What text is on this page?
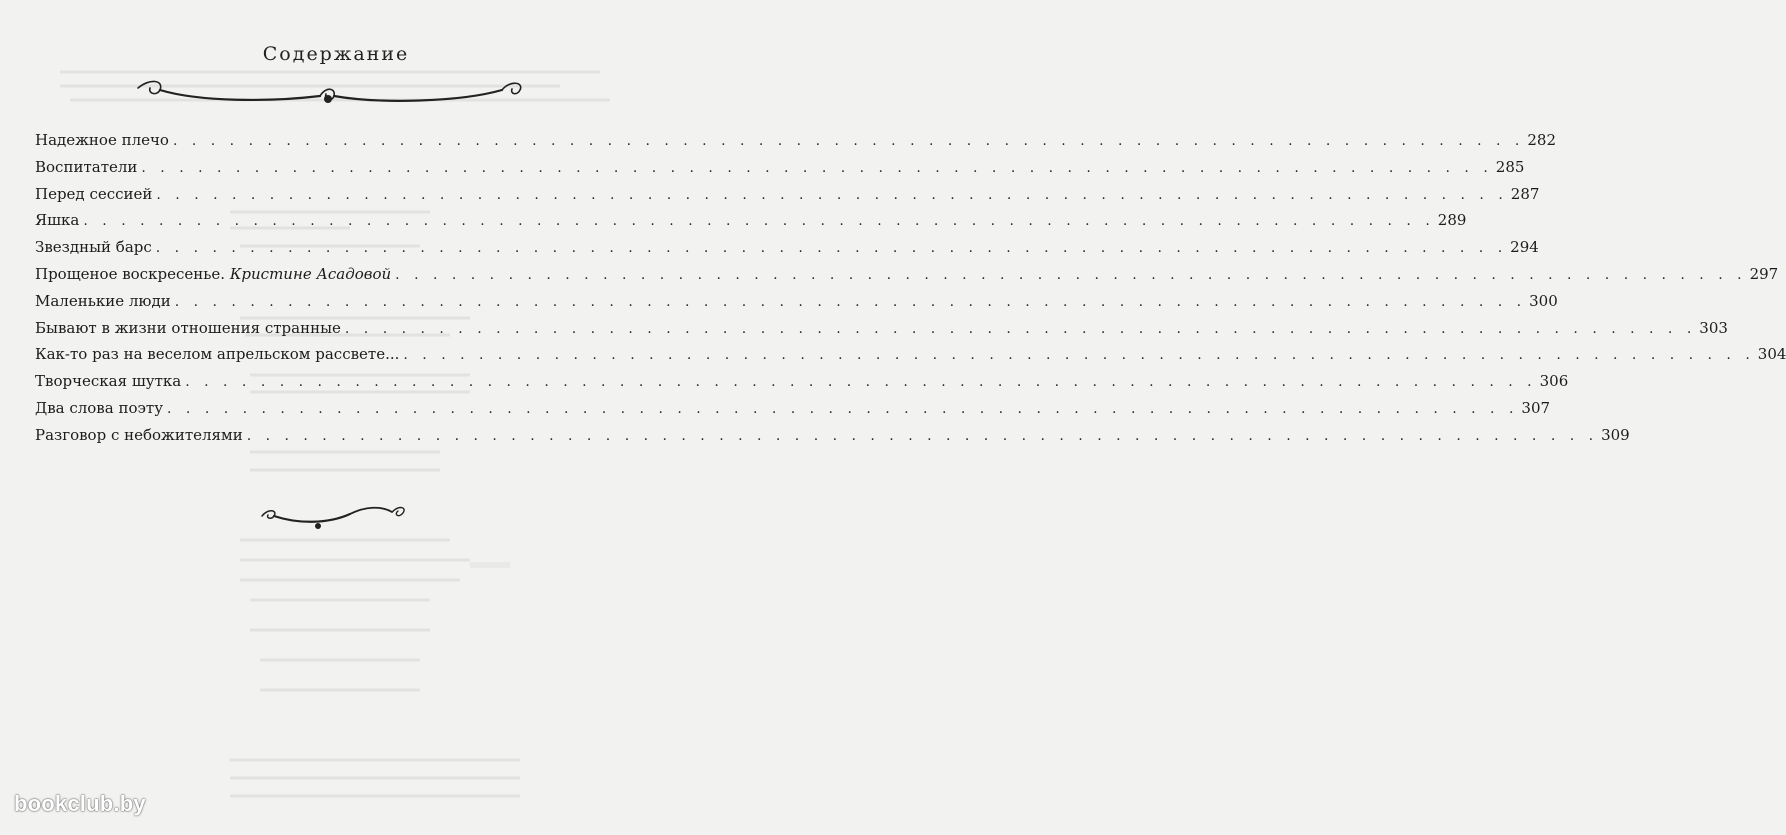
Содержание
Надежное плечо . . . . . . . . . . . . . . . . . . . . . . . . . . . . . . . . . . . . . . . . . . . . . . . . . . . . . . . . . . . . . . . . . . . . . . . . 282
Воспитатели . . . . . . . . . . . . . . . . . . . . . . . . . . . . . . . . . . . . . . . . . . . . . . . . . . . . . . . . . . . . . . . . . . . . . . . . 285
Перед сессией . . . . . . . . . . . . . . . . . . . . . . . . . . . . . . . . . . . . . . . . . . . . . . . . . . . . . . . . . . . . . . . . . . . . . . . . 287
Яшка . . . . . . . . . . . . . . . . . . . . . . . . . . . . . . . . . . . . . . . . . . . . . . . . . . . . . . . . . . . . . . . . . . . . . . . . 289
Звездный барс . . . . . . . . . . . . . . . . . . . . . . . . . . . . . . . . . . . . . . . . . . . . . . . . . . . . . . . . . . . . . . . . . . . . . . . . 294
Прощеное воскресенье. Кристине Асадовой . . . . . . . . . . . . . . . . . . . . . . . . . . . . . . . . . . . . . . . . . . . . . . . . . . . . . . . . . . . . . . . . . . . . . . . . 297
Маленькие люди . . . . . . . . . . . . . . . . . . . . . . . . . . . . . . . . . . . . . . . . . . . . . . . . . . . . . . . . . . . . . . . . . . . . . . . . 300
Бывают в жизни отношения странные . . . . . . . . . . . . . . . . . . . . . . . . . . . . . . . . . . . . . . . . . . . . . . . . . . . . . . . . . . . . . . . . . . . . . . . . 303
Как-то раз на веселом апрельском рассвете... . . . . . . . . . . . . . . . . . . . . . . . . . . . . . . . . . . . . . . . . . . . . . . . . . . . . . . . . . . . . . . . . . . . . . . . . 304
Творческая шутка . . . . . . . . . . . . . . . . . . . . . . . . . . . . . . . . . . . . . . . . . . . . . . . . . . . . . . . . . . . . . . . . . . . . . . . . 306
Два слова поэту . . . . . . . . . . . . . . . . . . . . . . . . . . . . . . . . . . . . . . . . . . . . . . . . . . . . . . . . . . . . . . . . . . . . . . . . 307
Разговор с небожителями . . . . . . . . . . . . . . . . . . . . . . . . . . . . . . . . . . . . . . . . . . . . . . . . . . . . . . . . . . . . . . . . . . . . . . . . 309
bookclub.by
